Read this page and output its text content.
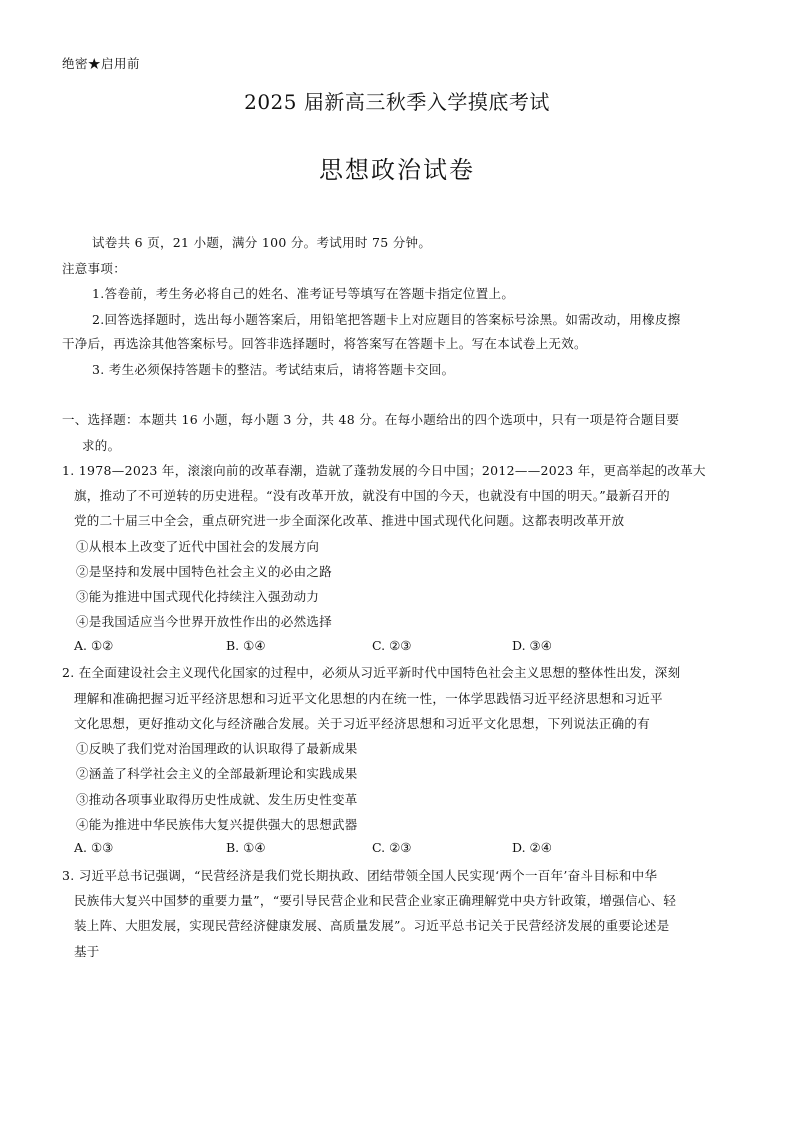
绝密★启用前
2025 届新高三秋季入学摸底考试
思想政治试卷
试卷共 6 页，21 小题，满分 100 分。考试用时 75 分钟。
注意事项：
1.答卷前，考生务必将自己的姓名、准考证号等填写在答题卡指定位置上。
2.回答选择题时，选出每小题答案后，用铅笔把答题卡上对应题目的答案标号涂黑。如需改动，用橡皮擦
干净后，再选涂其他答案标号。回答非选择题时，将答案写在答题卡上。写在本试卷上无效。
3. 考生必须保持答题卡的整洁。考试结束后，请将答题卡交回。
一、选择题：本题共 16 小题，每小题 3 分，共 48 分。在每小题给出的四个选项中，只有一项是符合题目要
求的。
1. 1978—2023 年，滚滚向前的改革春潮，造就了蓬勃发展的今日中国；2012——2023 年，更高举起的改革大
旗，推动了不可逆转的历史进程。“没有改革开放，就没有中国的今天，也就没有中国的明天。”最新召开的
党的二十届三中全会，重点研究进一步全面深化改革、推进中国式现代化问题。这都表明改革开放
①从根本上改变了近代中国社会的发展方向
②是坚持和发展中国特色社会主义的必由之路
③能为推进中国式现代化持续注入强劲动力
④是我国适应当今世界开放性作出的必然选择
A. ①②	B. ①④	C. ②③	D. ③④
2. 在全面建设社会主义现代化国家的过程中，必须从习近平新时代中国特色社会主义思想的整体性出发，深刻
理解和准确把握习近平经济思想和习近平文化思想的内在统一性，一体学思践悟习近平经济思想和习近平
文化思想，更好推动文化与经济融合发展。关于习近平经济思想和习近平文化思想，下列说法正确的有
①反映了我们党对治国理政的认识取得了最新成果
②涵盖了科学社会主义的全部最新理论和实践成果
③推动各项事业取得历史性成就、发生历史性变革
④能为推进中华民族伟大复兴提供强大的思想武器
A. ①③	B. ①④	C. ②③	D. ②④
3. 习近平总书记强调，“民营经济是我们党长期执政、团结带领全国人民实现‘两个一百年’奋斗目标和中华
民族伟大复兴中国梦的重要力量”，“要引导民营企业和民营企业家正确理解党中央方针政策，增强信心、轻
装上阵、大胆发展，实现民营经济健康发展、高质量发展”。习近平总书记关于民营经济发展的重要论述是
基于
